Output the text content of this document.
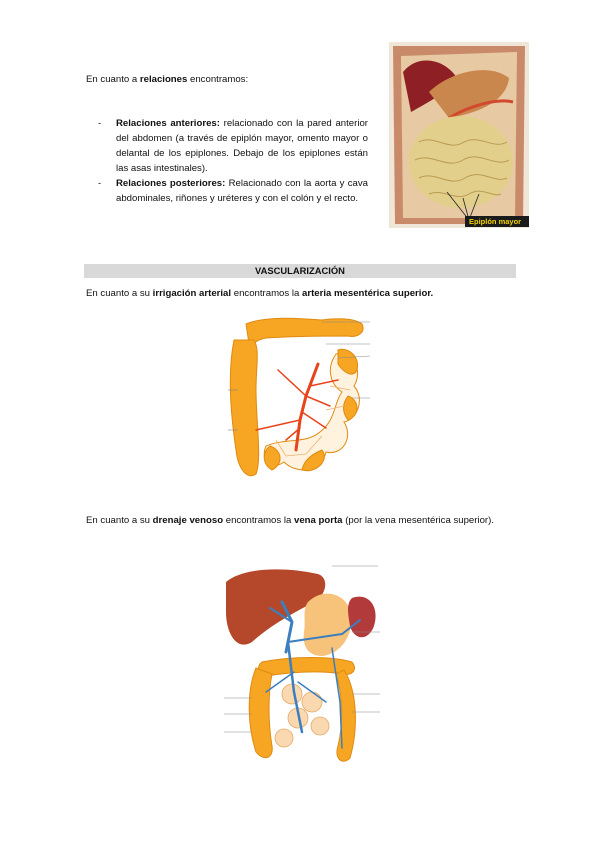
En cuanto a relaciones encontramos:
- Relaciones anteriores: relacionado con la pared anterior del abdomen (a través de epiplón mayor, omento mayor o delantal de los epiplones. Debajo de los epiplones están las asas intestinales).
- Relaciones posteriores: Relacionado con la aorta y cava abdominales, riñones y uréteres y con el colón y el recto.
Epiplón mayor
VASCULARIZACIÓN
En cuanto a su irrigación arterial encontramos la arteria mesentérica superior.
En cuanto a su drenaje venoso encontramos la vena porta (por la vena mesentérica superior).
